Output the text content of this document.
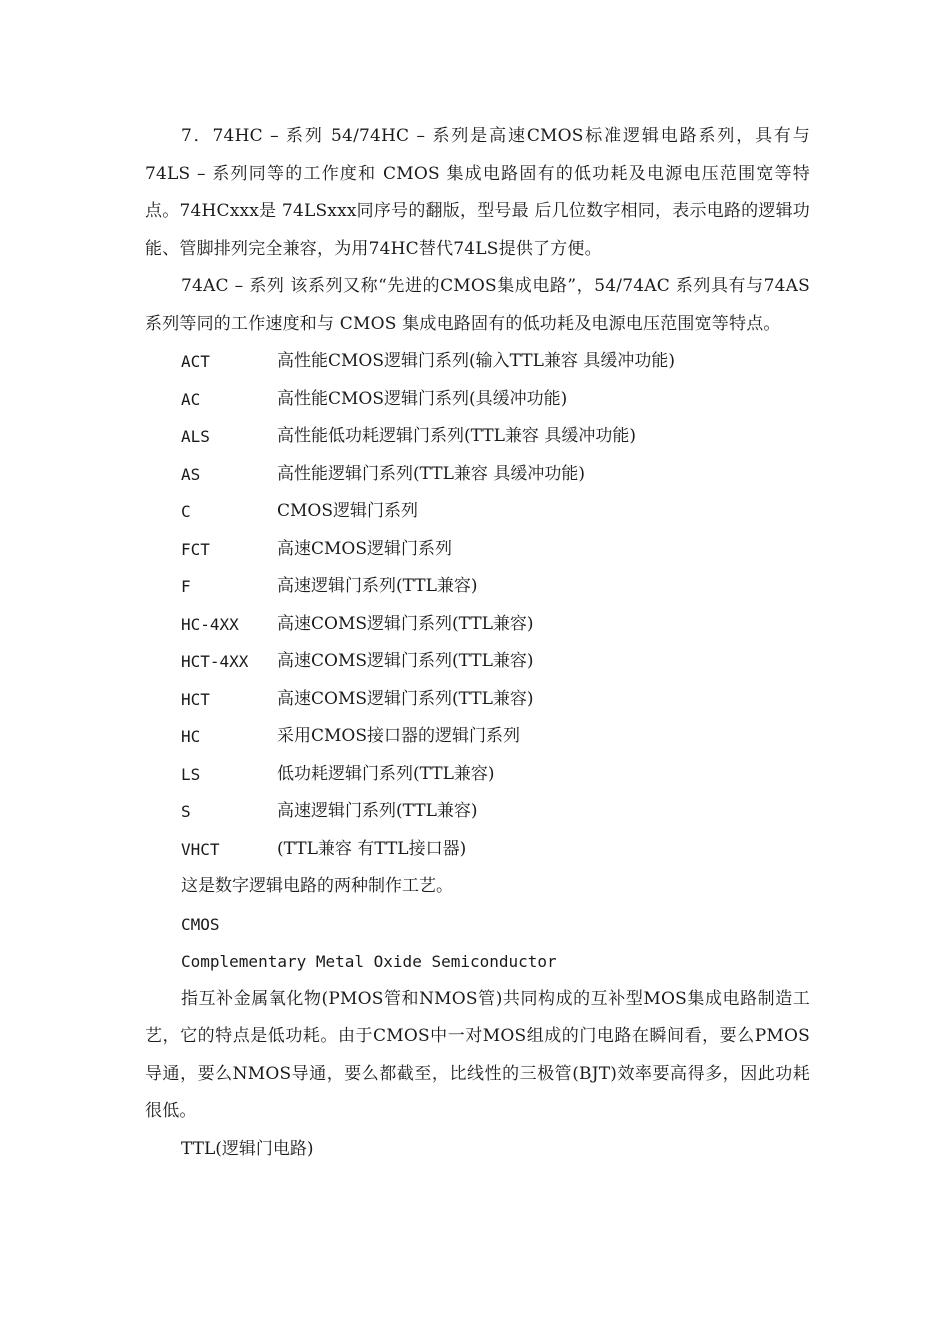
7．74HC – 系列 54/74HC – 系列是高速CMOS标准逻辑电路系列，具有与74LS – 系列同等的工作度和 CMOS 集成电路固有的低功耗及电源电压范围宽等特点。74HCxxx是 74LSxxx同序号的翻版，型号最 后几位数字相同，表示电路的逻辑功能、管脚排列完全兼容，为用74HC替代74LS提供了方便。

74AC – 系列 该系列又称“先进的CMOS集成电路”，54/74AC 系列具有与74AS 系列等同的工作速度和与 CMOS 集成电路固有的低功耗及电源电压范围宽等特点。

ACT	高性能CMOS逻辑门系列(输入TTL兼容 具缓冲功能)
AC	高性能CMOS逻辑门系列(具缓冲功能)
ALS	高性能低功耗逻辑门系列(TTL兼容 具缓冲功能)
AS	高性能逻辑门系列(TTL兼容 具缓冲功能)
C	CMOS逻辑门系列
FCT	高速CMOS逻辑门系列
F	高速逻辑门系列(TTL兼容)
HC-4XX	高速COMS逻辑门系列(TTL兼容)
HCT-4XX	高速COMS逻辑门系列(TTL兼容)
HCT	高速COMS逻辑门系列(TTL兼容)
HC	采用CMOS接口器的逻辑门系列
LS	低功耗逻辑门系列(TTL兼容)
S	高速逻辑门系列(TTL兼容)
VHCT	(TTL兼容 有TTL接口器)

这是数字逻辑电路的两种制作工艺。

CMOS

Complementary Metal Oxide Semiconductor

指互补金属氧化物(PMOS管和NMOS管)共同构成的互补型MOS集成电路制造工艺，它的特点是低功耗。由于CMOS中一对MOS组成的门电路在瞬间看，要么PMOS导通，要么NMOS导通，要么都截至，比线性的三极管(BJT)效率要高得多，因此功耗很低。

TTL(逻辑门电路)
